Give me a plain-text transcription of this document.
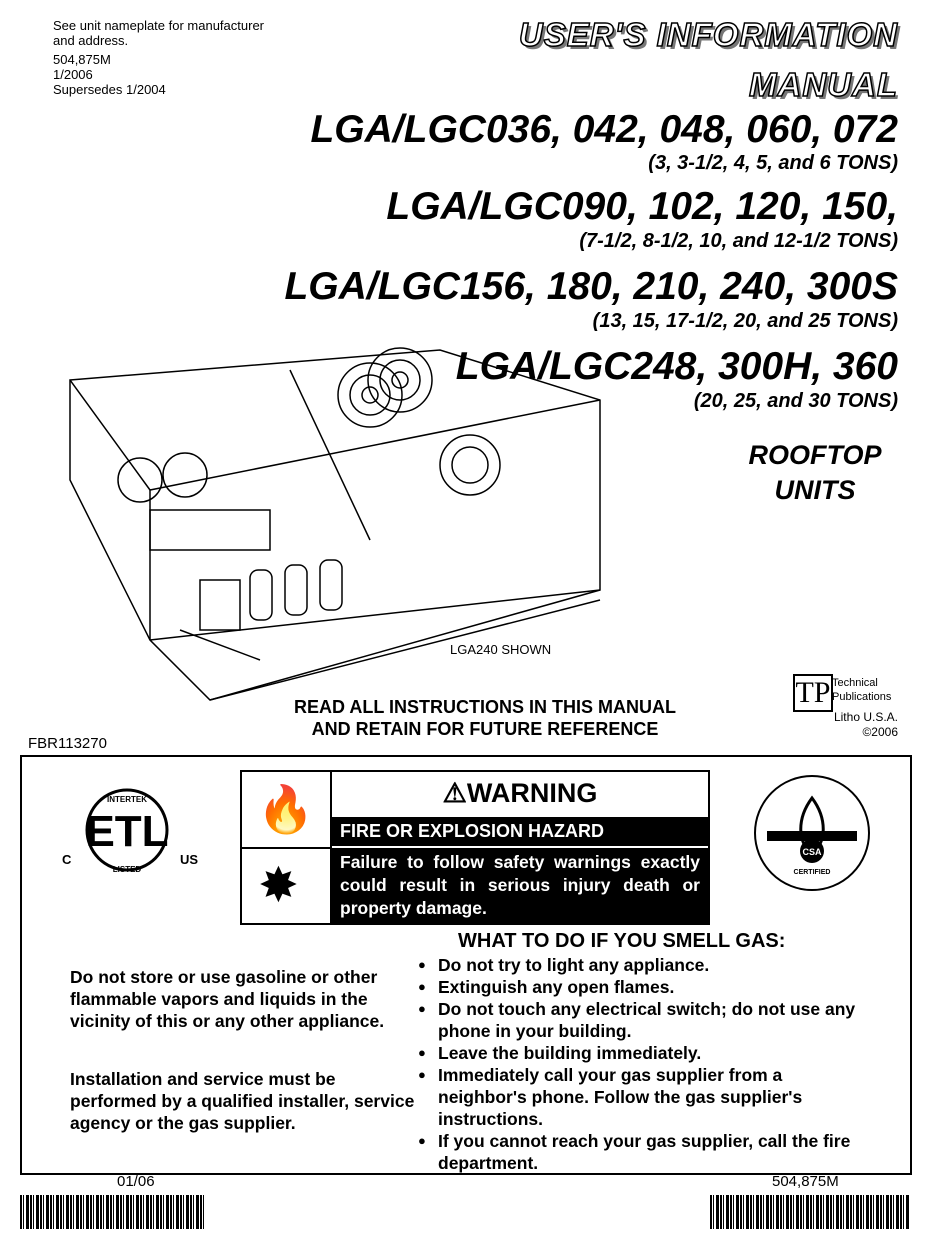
See unit nameplate for manufacturer and address.
504,875M
1/2006
Supersedes 1/2004
USER'S INFORMATION
MANUAL
LGA/LGC036, 042, 048, 060, 072
(3, 3-1/2, 4, 5, and 6 TONS)
LGA/LGC090, 102, 120, 150,
(7-1/2, 8-1/2, 10, and 12-1/2 TONS)
LGA/LGC156, 180, 210, 240, 300S
(13, 15, 17-1/2, 20, and 25 TONS)
LGA/LGC248, 300H, 360
(20, 25, and 30 TONS)
ROOFTOP
UNITS
LGA240 SHOWN
READ ALL INSTRUCTIONS IN THIS MANUAL
AND RETAIN FOR FUTURE REFERENCE
FBR113270
TP Technical
Publications
Litho U.S.A.
©2006
ETL
INTERTEK
LISTED
C	US
🔥
✸
⚠WARNING
FIRE OR EXPLOSION HAZARD
Failure to follow safety warnings exactly could result in serious injury death or property damage.
CSA
CERTIFIED
Do not store or use gasoline or other flammable vapors and liquids in the vicinity of this or any other appliance.
Installation and service must be performed by a qualified installer, service agency or the gas supplier.
WHAT TO DO IF YOU SMELL GAS:
● Do not try to light any appliance.
● Extinguish any open flames.
● Do not touch any electrical switch; do not use any phone in your building.
● Leave the building immediately.
● Immediately call your gas supplier from a neighbor's phone. Follow the gas supplier's instructions.
● If you cannot reach your gas supplier, call the fire department.
01/06	504,875M
